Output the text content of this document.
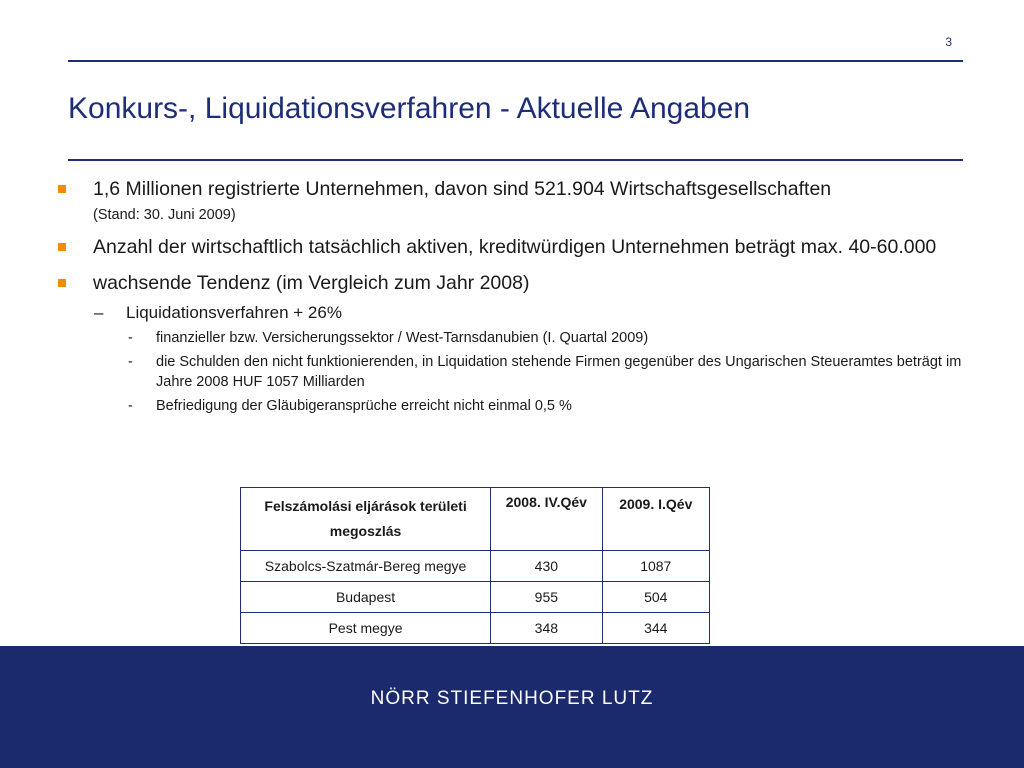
3
Konkurs-, Liquidationsverfahren - Aktuelle Angaben
1,6 Millionen registrierte Unternehmen, davon sind 521.904 Wirtschaftsgesellschaften
(Stand: 30. Juni 2009)
Anzahl der wirtschaftlich tatsächlich aktiven, kreditwürdigen Unternehmen beträgt max. 40-60.000
wachsende Tendenz (im Vergleich zum Jahr 2008)
– Liquidationsverfahren + 26%
- finanzieller bzw. Versicherungssektor / West-Tarnsdanubien (I. Quartal 2009)
- die Schulden den nicht funktionierenden, in Liquidation stehende Firmen gegenüber des Ungarischen Steueramtes beträgt im Jahre 2008 HUF 1057 Milliarden
- Befriedigung der Gläubigeransprüche erreicht nicht einmal 0,5 %
Felszámolási eljárások területi megoszlás	2008. IV.Qév	2009. I.Qév
Szabolcs-Szatmár-Bereg megye	430	1087
Budapest	955	504
Pest megye	348	344
NÖRR STIEFENHOFER LUTZ
